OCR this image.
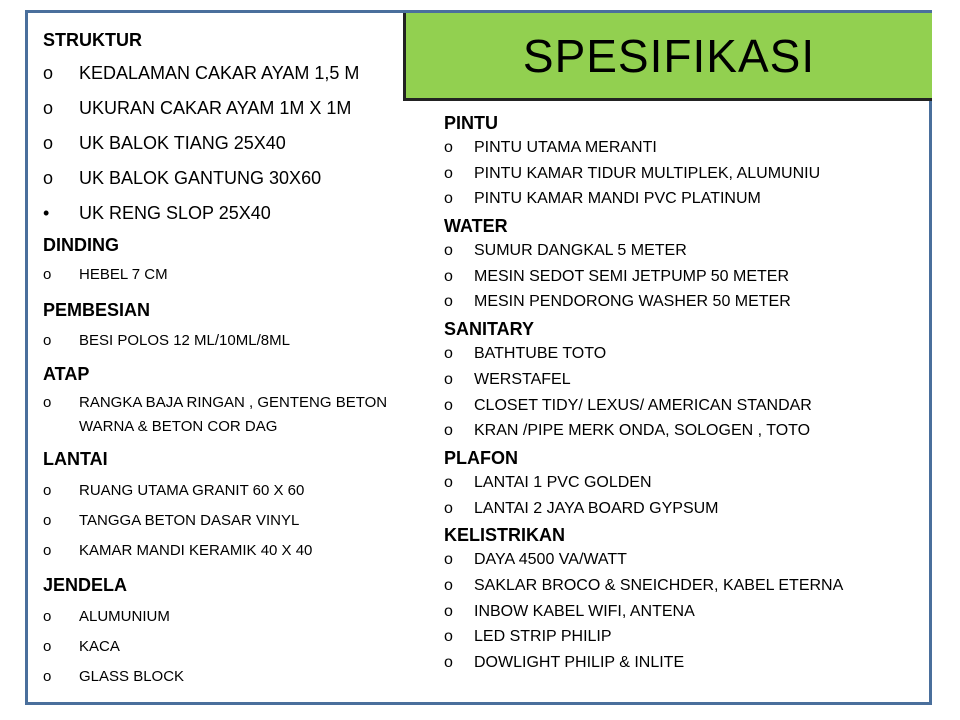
SPESIFIKASI
STRUKTUR
o KEDALAMAN CAKAR AYAM 1,5 M
o UKURAN CAKAR AYAM 1M X 1M
o UK BALOK TIANG 25X40
o UK BALOK GANTUNG 30X60
• UK RENG SLOP 25X40
DINDING
o HEBEL 7 CM
PEMBESIAN
o BESI POLOS 12 ML/10ML/8ML
ATAP
o RANGKA BAJA RINGAN , GENTENG BETON WARNA & BETON COR DAG
LANTAI
o RUANG UTAMA GRANIT 60 X 60
o TANGGA BETON DASAR VINYL
o KAMAR MANDI KERAMIK 40 X 40
JENDELA
o ALUMUNIUM
o KACA
o GLASS BLOCK
PINTU
o PINTU UTAMA MERANTI
o PINTU KAMAR TIDUR MULTIPLEK, ALUMUNIU
o PINTU KAMAR MANDI PVC PLATINUM
WATER
o SUMUR DANGKAL 5 METER
o MESIN SEDOT SEMI JETPUMP 50 METER
o MESIN PENDORONG WASHER 50 METER
SANITARY
o BATHTUBE TOTO
o WERSTAFEL
o CLOSET TIDY/ LEXUS/ AMERICAN STANDAR
o KRAN /PIPE MERK ONDA, SOLOGEN , TOTO
PLAFON
o LANTAI 1 PVC GOLDEN
o LANTAI 2 JAYA BOARD GYPSUM
KELISTRIKAN
o DAYA 4500 VA/WATT
o SAKLAR BROCO & SNEICHDER, KABEL ETERNA
o INBOW KABEL WIFI, ANTENA
o LED STRIP PHILIP
o DOWLIGHT PHILIP & INLITE
